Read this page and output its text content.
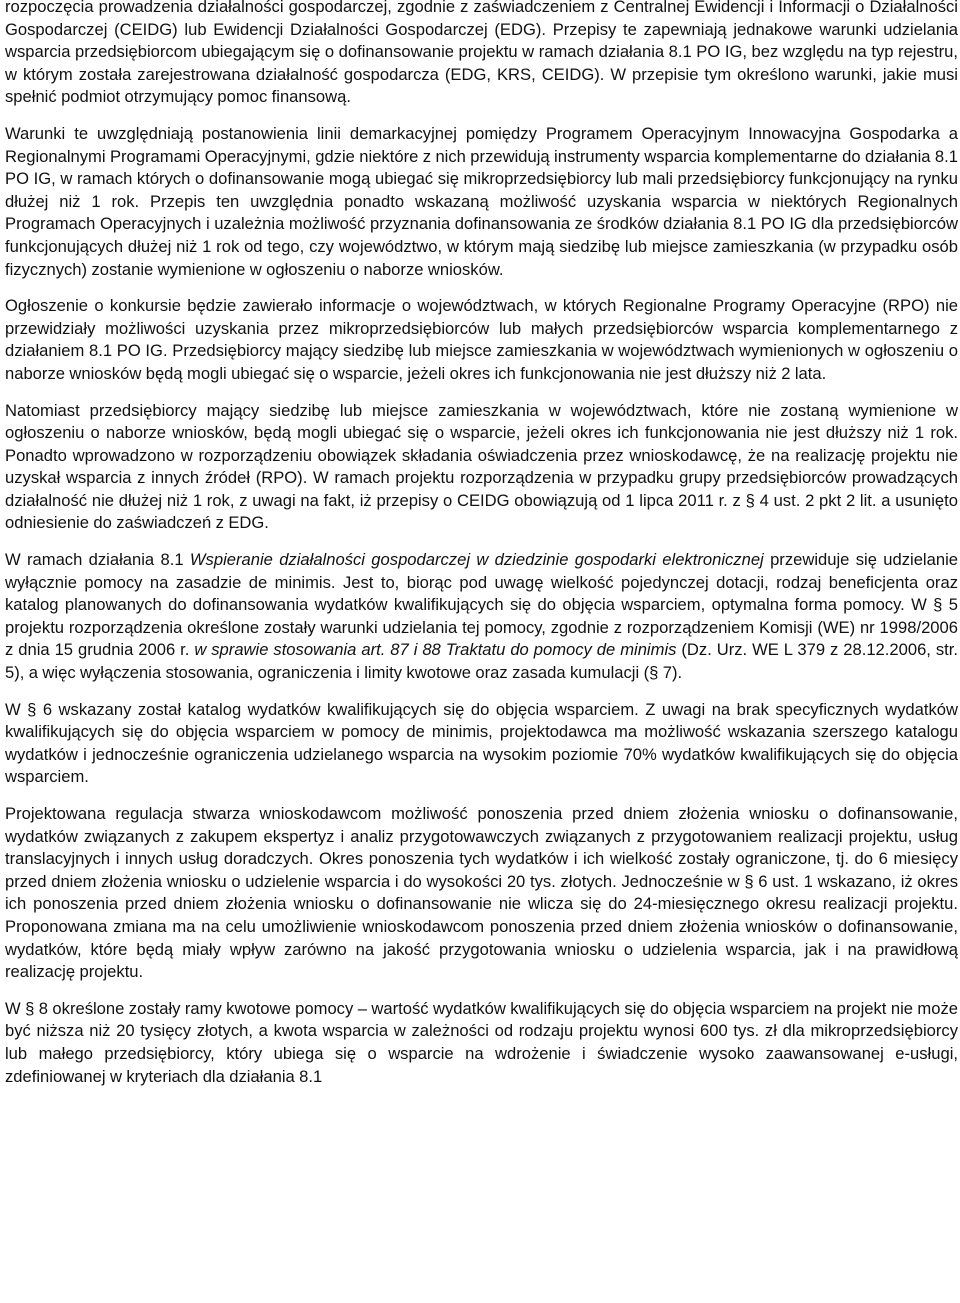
rozpoczęcia prowadzenia działalności gospodarczej, zgodnie z zaświadczeniem z Centralnej Ewidencji i Informacji o Działalności Gospodarczej (CEIDG) lub Ewidencji Działalności Gospodarczej (EDG). Przepisy te zapewniają jednakowe warunki udzielania wsparcia przedsiębiorcom ubiegającym się o dofinansowanie projektu w ramach działania 8.1 PO IG, bez względu na typ rejestru, w którym została zarejestrowana działalność gospodarcza (EDG, KRS, CEIDG). W przepisie tym określono warunki, jakie musi spełnić podmiot otrzymujący pomoc finansową.

Warunki te uwzględniają postanowienia linii demarkacyjnej pomiędzy Programem Operacyjnym Innowacyjna Gospodarka a Regionalnymi Programami Operacyjnymi, gdzie niektóre z nich przewidują instrumenty wsparcia komplementarne do działania 8.1 PO IG, w ramach których o dofinansowanie mogą ubiegać się mikroprzedsiębiorcy lub mali przedsiębiorcy funkcjonujący na rynku dłużej niż 1 rok. Przepis ten uwzględnia ponadto wskazaną możliwość uzyskania wsparcia w niektórych Regionalnych Programach Operacyjnych i uzależnia możliwość przyznania dofinansowania ze środków działania 8.1 PO IG dla przedsiębiorców funkcjonujących dłużej niż 1 rok od tego, czy województwo, w którym mają siedzibę lub miejsce zamieszkania (w przypadku osób fizycznych) zostanie wymienione w ogłoszeniu o naborze wniosków.

Ogłoszenie o konkursie będzie zawierało informacje o województwach, w których Regionalne Programy Operacyjne (RPO) nie przewidziały możliwości uzyskania przez mikroprzedsiębiorców lub małych przedsiębiorców wsparcia komplementarnego z działaniem 8.1 PO IG. Przedsiębiorcy mający siedzibę lub miejsce zamieszkania w województwach wymienionych w ogłoszeniu o naborze wniosków będą mogli ubiegać się o wsparcie, jeżeli okres ich funkcjonowania nie jest dłuższy niż 2 lata.

Natomiast przedsiębiorcy mający siedzibę lub miejsce zamieszkania w województwach, które nie zostaną wymienione w ogłoszeniu o naborze wniosków, będą mogli ubiegać się o wsparcie, jeżeli okres ich funkcjonowania nie jest dłuższy niż 1 rok. Ponadto wprowadzono w rozporządzeniu obowiązek składania oświadczenia przez wnioskodawcę, że na realizację projektu nie uzyskał wsparcia z innych źródeł (RPO). W ramach projektu rozporządzenia w przypadku grupy przedsiębiorców prowadzących działalność nie dłużej niż 1 rok, z uwagi na fakt, iż przepisy o CEIDG obowiązują od 1 lipca 2011 r. z § 4 ust. 2 pkt 2 lit. a usunięto odniesienie do zaświadczeń z EDG.

W ramach działania 8.1 Wspieranie działalności gospodarczej w dziedzinie gospodarki elektronicznej przewiduje się udzielanie wyłącznie pomocy na zasadzie de minimis. Jest to, biorąc pod uwagę wielkość pojedynczej dotacji, rodzaj beneficjenta oraz katalog planowanych do dofinansowania wydatków kwalifikujących się do objęcia wsparciem, optymalna forma pomocy. W § 5 projektu rozporządzenia określone zostały warunki udzielania tej pomocy, zgodnie z rozporządzeniem Komisji (WE) nr 1998/2006 z dnia 15 grudnia 2006 r. w sprawie stosowania art. 87 i 88 Traktatu do pomocy de minimis (Dz. Urz. WE L 379 z 28.12.2006, str. 5), a więc wyłączenia stosowania, ograniczenia i limity kwotowe oraz zasada kumulacji (§ 7).

W § 6 wskazany został katalog wydatków kwalifikujących się do objęcia wsparciem. Z uwagi na brak specyficznych wydatków kwalifikujących się do objęcia wsparciem w pomocy de minimis, projektodawca ma możliwość wskazania szerszego katalogu wydatków i jednocześnie ograniczenia udzielanego wsparcia na wysokim poziomie 70% wydatków kwalifikujących się do objęcia wsparciem.

Projektowana regulacja stwarza wnioskodawcom możliwość ponoszenia przed dniem złożenia wniosku o dofinansowanie, wydatków związanych z zakupem ekspertyz i analiz przygotowawczych związanych z przygotowaniem realizacji projektu, usług translacyjnych i innych usług doradczych. Okres ponoszenia tych wydatków i ich wielkość zostały ograniczone, tj. do 6 miesięcy przed dniem złożenia wniosku o udzielenie wsparcia i do wysokości 20 tys. złotych. Jednocześnie w § 6 ust. 1 wskazano, iż okres ich ponoszenia przed dniem złożenia wniosku o dofinansowanie nie wlicza się do 24-miesięcznego okresu realizacji projektu. Proponowana zmiana ma na celu umożliwienie wnioskodawcom ponoszenia przed dniem złożenia wniosków o dofinansowanie, wydatków, które będą miały wpływ zarówno na jakość przygotowania wniosku o udzielenia wsparcia, jak i na prawidłową realizację projektu.

W § 8 określone zostały ramy kwotowe pomocy – wartość wydatków kwalifikujących się do objęcia wsparciem na projekt nie może być niższa niż 20 tysięcy złotych, a kwota wsparcia w zależności od rodzaju projektu wynosi 600 tys. zł dla mikroprzedsiębiorcy lub małego przedsiębiorcy, który ubiega się o wsparcie na wdrożenie i świadczenie wysoko zaawansowanej e-usługi, zdefiniowanej w kryteriach dla działania 8.1
